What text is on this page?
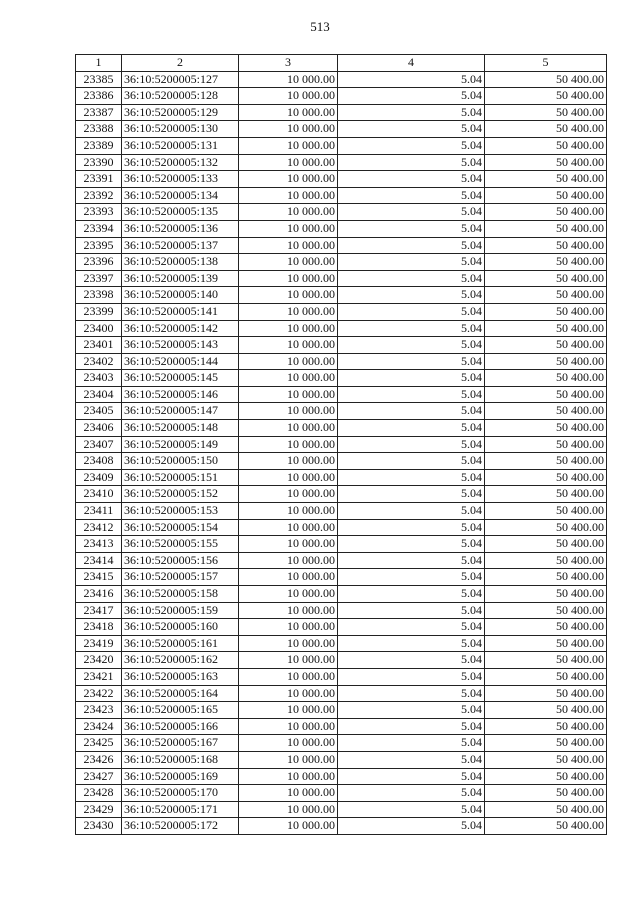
513
1	2	3	4	5
23385	36:10:5200005:127	10 000.00	5.04	50 400.00
23386	36:10:5200005:128	10 000.00	5.04	50 400.00
23387	36:10:5200005:129	10 000.00	5.04	50 400.00
23388	36:10:5200005:130	10 000.00	5.04	50 400.00
23389	36:10:5200005:131	10 000.00	5.04	50 400.00
23390	36:10:5200005:132	10 000.00	5.04	50 400.00
23391	36:10:5200005:133	10 000.00	5.04	50 400.00
23392	36:10:5200005:134	10 000.00	5.04	50 400.00
23393	36:10:5200005:135	10 000.00	5.04	50 400.00
23394	36:10:5200005:136	10 000.00	5.04	50 400.00
23395	36:10:5200005:137	10 000.00	5.04	50 400.00
23396	36:10:5200005:138	10 000.00	5.04	50 400.00
23397	36:10:5200005:139	10 000.00	5.04	50 400.00
23398	36:10:5200005:140	10 000.00	5.04	50 400.00
23399	36:10:5200005:141	10 000.00	5.04	50 400.00
23400	36:10:5200005:142	10 000.00	5.04	50 400.00
23401	36:10:5200005:143	10 000.00	5.04	50 400.00
23402	36:10:5200005:144	10 000.00	5.04	50 400.00
23403	36:10:5200005:145	10 000.00	5.04	50 400.00
23404	36:10:5200005:146	10 000.00	5.04	50 400.00
23405	36:10:5200005:147	10 000.00	5.04	50 400.00
23406	36:10:5200005:148	10 000.00	5.04	50 400.00
23407	36:10:5200005:149	10 000.00	5.04	50 400.00
23408	36:10:5200005:150	10 000.00	5.04	50 400.00
23409	36:10:5200005:151	10 000.00	5.04	50 400.00
23410	36:10:5200005:152	10 000.00	5.04	50 400.00
23411	36:10:5200005:153	10 000.00	5.04	50 400.00
23412	36:10:5200005:154	10 000.00	5.04	50 400.00
23413	36:10:5200005:155	10 000.00	5.04	50 400.00
23414	36:10:5200005:156	10 000.00	5.04	50 400.00
23415	36:10:5200005:157	10 000.00	5.04	50 400.00
23416	36:10:5200005:158	10 000.00	5.04	50 400.00
23417	36:10:5200005:159	10 000.00	5.04	50 400.00
23418	36:10:5200005:160	10 000.00	5.04	50 400.00
23419	36:10:5200005:161	10 000.00	5.04	50 400.00
23420	36:10:5200005:162	10 000.00	5.04	50 400.00
23421	36:10:5200005:163	10 000.00	5.04	50 400.00
23422	36:10:5200005:164	10 000.00	5.04	50 400.00
23423	36:10:5200005:165	10 000.00	5.04	50 400.00
23424	36:10:5200005:166	10 000.00	5.04	50 400.00
23425	36:10:5200005:167	10 000.00	5.04	50 400.00
23426	36:10:5200005:168	10 000.00	5.04	50 400.00
23427	36:10:5200005:169	10 000.00	5.04	50 400.00
23428	36:10:5200005:170	10 000.00	5.04	50 400.00
23429	36:10:5200005:171	10 000.00	5.04	50 400.00
23430	36:10:5200005:172	10 000.00	5.04	50 400.00
